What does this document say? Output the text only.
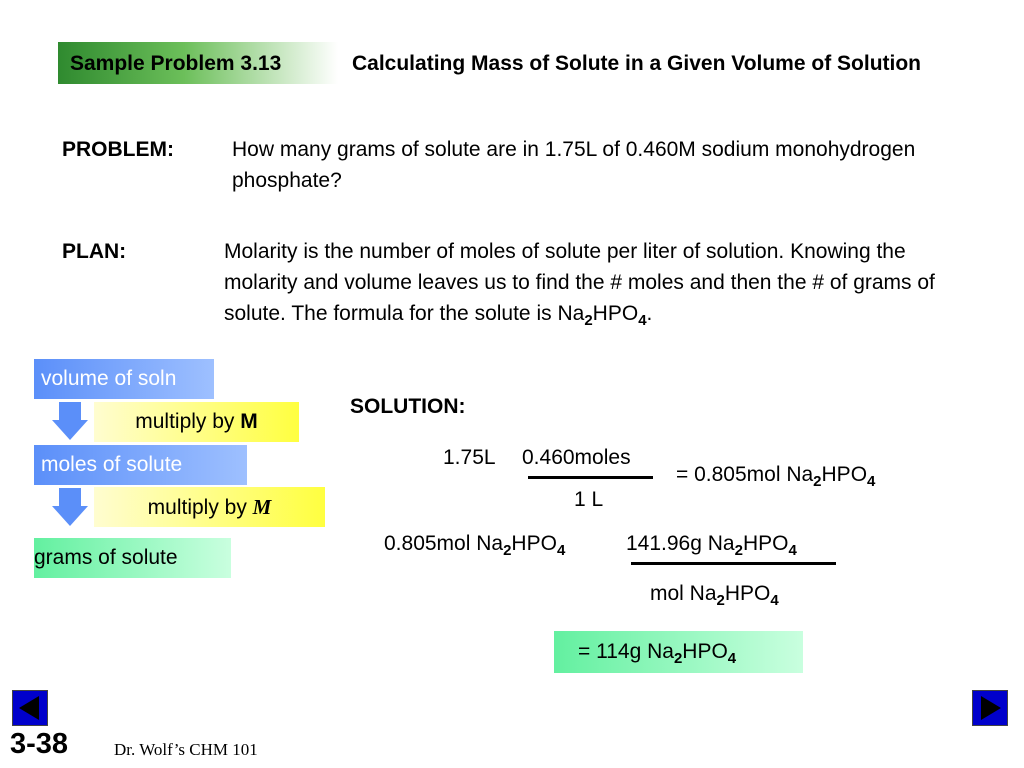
Sample Problem 3.13	Calculating Mass of Solute in a Given Volume of Solution
PROBLEM:	How many grams of solute are in 1.75L of 0.460M sodium monohydrogen phosphate?
PLAN:	Molarity is the number of moles of solute per liter of solution. Knowing the molarity and volume leaves us to find the # moles and then the # of grams of solute. The formula for the solute is $Na_2HPO_4$.
volume of soln
multiply by M
moles of solute
multiply by M
grams of solute
SOLUTION:
1.75L 0.460moles
1 L
= 0.805mol $Na_2HPO_4$
0.805mol $Na_2HPO_4$	141.96g $Na_2HPO_4$
mol $Na_2HPO_4$
= 114g $Na_2HPO_4$
3-38	Dr. Wolf’s CHM 101
